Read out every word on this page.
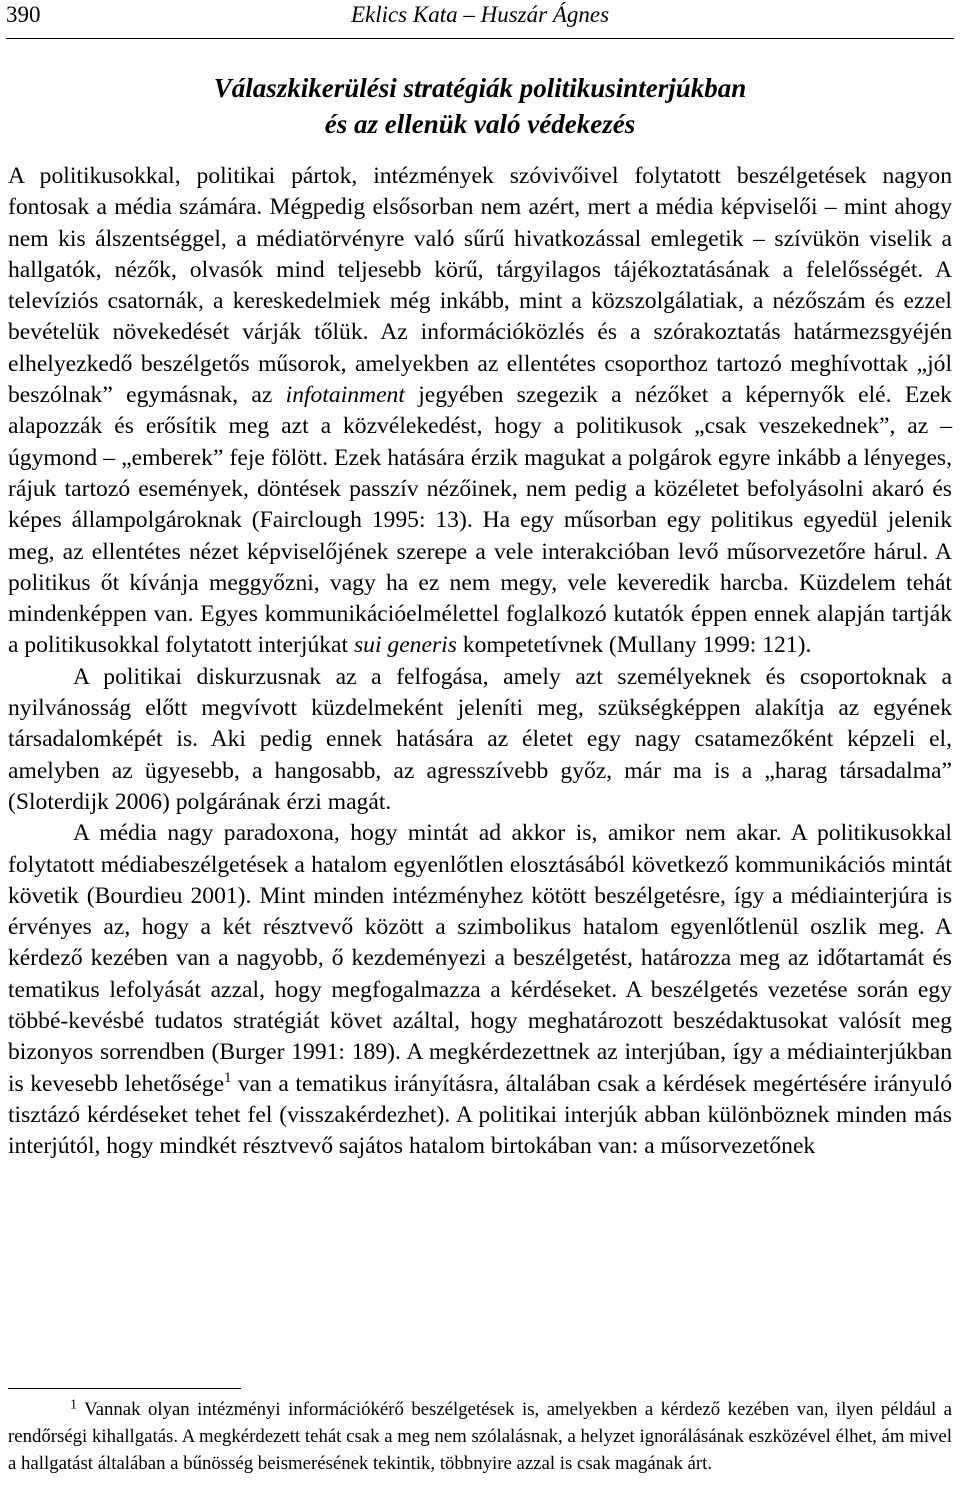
390	Eklics Kata – Huszár Ágnes
Válaszkikerülési stratégiák politikusinterjúkban
és az ellenük való védekezés

A politikusokkal, politikai pártok, intézmények szóvivőivel folytatott beszélgetések nagyon fontosak a média számára. Mégpedig elsősorban nem azért, mert a média képviselői – mint ahogy nem kis álszentséggel, a médiatörvényre való sűrű hivatkozással emlegetik – szívükön viselik a hallgatók, nézők, olvasók mind teljesebb körű, tárgyilagos tájékoztatásának a felelősségét. A televíziós csatornák, a kereskedelmiek még inkább, mint a közszolgálatiak, a nézőszám és ezzel bevételük növekedését várják tőlük. Az információközlés és a szórakoztatás határmezsgyéjén elhelyezkedő beszélgetős műsorok, amelyekben az ellentétes csoporthoz tartozó meghívottak „jól beszólnak” egymásnak, az infotainment jegyében szegezik a nézőket a képernyők elé. Ezek alapozzák és erősítik meg azt a közvélekedést, hogy a politikusok „csak veszekednek”, az – úgymond – „emberek” feje fölött. Ezek hatására érzik magukat a polgárok egyre inkább a lényeges, rájuk tartozó események, döntések passzív nézőinek, nem pedig a közéletet befolyásolni akaró és képes állampolgároknak (Fairclough 1995: 13). Ha egy műsorban egy politikus egyedül jelenik meg, az ellentétes nézet képviselőjének szerepe a vele interakcióban levő műsorvezetőre hárul. A politikus őt kívánja meggyőzni, vagy ha ez nem megy, vele keveredik harcba. Küzdelem tehát mindenképpen van. Egyes kommunikációelmélettel foglalkozó kutatók éppen ennek alapján tartják a politikusokkal folytatott interjúkat sui generis kompetetívnek (Mullany 1999: 121).

A politikai diskurzusnak az a felfogása, amely azt személyeknek és csoportoknak a nyilvánosság előtt megvívott küzdelmeként jeleníti meg, szükségképpen alakítja az egyének társadalomképét is. Aki pedig ennek hatására az életet egy nagy csatamezőként képzeli el, amelyben az ügyesebb, a hangosabb, az agresszívebb győz, már ma is a „harag társadalma” (Sloterdijk 2006) polgárának érzi magát.

A média nagy paradoxona, hogy mintát ad akkor is, amikor nem akar. A politikusokkal folytatott médiabeszélgetések a hatalom egyenlőtlen elosztásából következő kommunikációs mintát követik (Bourdieu 2001). Mint minden intézményhez kötött beszélgetésre, így a médiainterjúra is érvényes az, hogy a két résztvevő között a szimbolikus hatalom egyenlőtlenül oszlik meg. A kérdező kezében van a nagyobb, ő kezdeményezi a beszélgetést, határozza meg az időtartamát és tematikus lefolyását azzal, hogy megfogalmazza a kérdéseket. A beszélgetés vezetése során egy többé-kevésbé tudatos stratégiát követ azáltal, hogy meghatározott beszédaktusokat valósít meg bizonyos sorrendben (Burger 1991: 189). A megkérdezettnek az interjúban, így a médiainterjúkban is kevesebb lehetősége$^1$ van a tematikus irányításra, általában csak a kérdések megértésére irányuló tisztázó kérdéseket tehet fel (visszakérdezhet). A politikai interjúk abban különböznek minden más interjútól, hogy mindkét résztvevő sajátos hatalom birtokában van: a műsorvezetőnek

$^1$ Vannak olyan intézményi információkérő beszélgetések is, amelyekben a kérdező kezében van, ilyen például a rendőrségi kihallgatás. A megkérdezett tehát csak a meg nem szólalásnak, a helyzet ignorálásának eszközével élhet, ám mivel a hallgatást általában a bűnösség beismerésének tekintik, többnyire azzal is csak magának árt.
